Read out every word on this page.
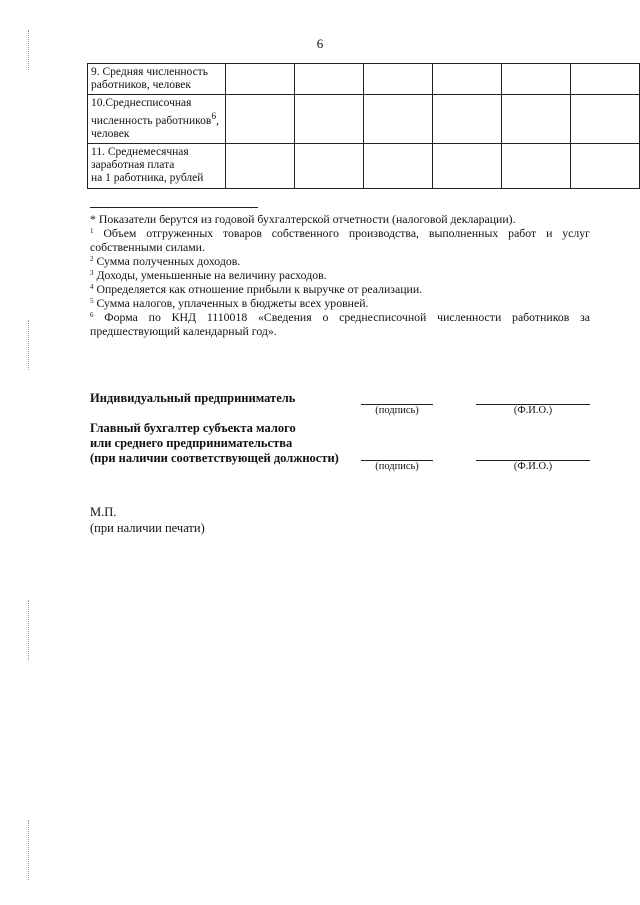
6
9. Средняя численность
работников, человек						
10.Среднесписочная
численность работников$^6$,
человек						
11. Среднемесячная
заработная плата
на 1 работника, рублей						

* Показатели берутся из годовой бухгалтерской отчетности (налоговой декларации).

$^1$ Объем отгруженных товаров собственного производства, выполненных работ и услуг собственными силами.

$^2$ Сумма полученных доходов.

$^3$ Доходы, уменьшенные на величину расходов.

$^4$ Определяется как отношение прибыли к выручке от реализации.

$^5$ Сумма налогов, уплаченных в бюджеты всех уровней.

$^6$ Форма по КНД 1110018 «Сведения о среднесписочной численности работников за предшествующий календарный год».

Индивидуальный предприниматель
(подпись)	(Ф.И.О.)
Главный бухгалтер субъекта малого
или среднего предпринимательства
(при наличии соответствующей должности)
(подпись)	(Ф.И.О.)
М.П.
(при наличии печати)
